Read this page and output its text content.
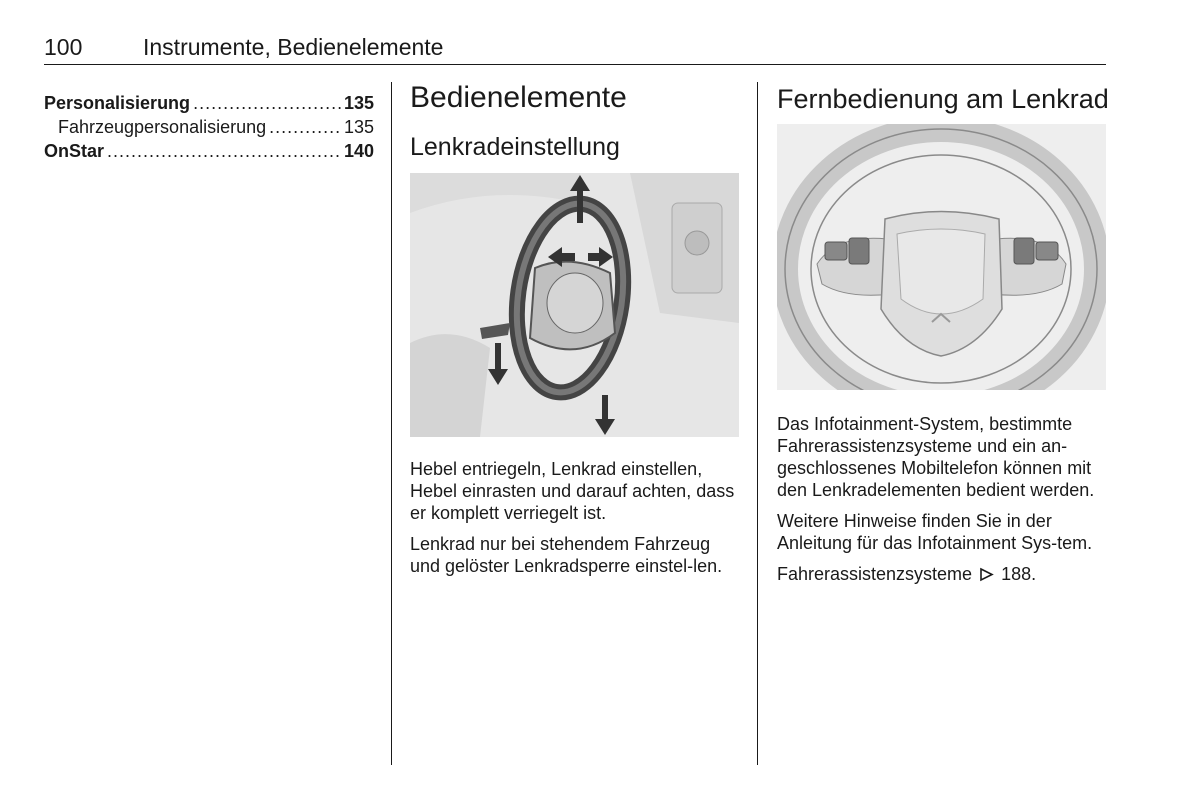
100	Instrumente, Bedienelemente
Personalisierung .....	135
Fahrzeugpersonalisierung .....	135
OnStar .....	140
Bedienelemente
Lenkradeinstellung

Hebel entriegeln, Lenkrad einstellen, Hebel einrasten und darauf achten, dass er komplett verriegelt ist.

Lenkrad nur bei stehendem Fahrzeug und gelöster Lenkradsperre einstel-len.

Fernbedienung am Lenkrad

Das Infotainment-System, bestimmte Fahrerassistenzsysteme und ein an-geschlossenes Mobiltelefon können mit den Lenkradelementen bedient werden.

Weitere Hinweise finden Sie in der Anleitung für das Infotainment Sys-tem.

Fahrerassistenzsysteme 188.
